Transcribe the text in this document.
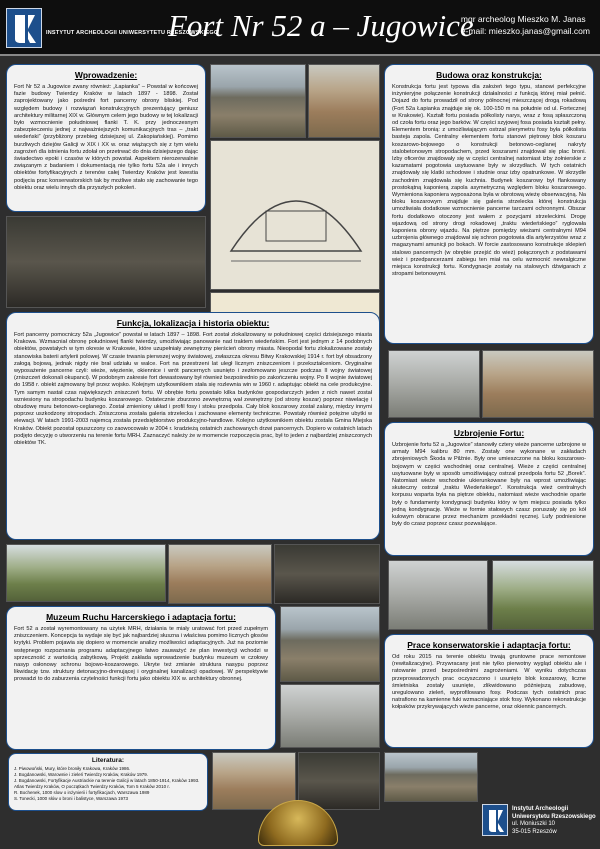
INSTYTUT ARCHEOLOGII UNIWERSYTETU RZESZOWSKIEGO
Fort Nr 52 a – Jugowice
mgr archeolog Mieszko M. Janas
e-mail: mieszko.janas@gmail.com
Wprowadzenie:

Fort Nr 52 a Jugowice zwany również: „Łapianka” – Powstał w końcowej fazie budowy Twierdzy Kraków w latach 1897 - 1898. Został zaprojektowany jako pośredni fort pancerny obrony bliskiej. Pod względem budowy i rozwiązań konstrukcyjnych prezentujący geniusz architektury militarnej XIX w. Głównym celem jego budowy w tej lokalizacji było wzmocnienie południowej flanki T. K. przy jednoczesnym zabezpieczeniu jednej z najważniejszych komunikacyjnych tras – „trakt wiedeński” (przybliżony przebieg dzisiejszej ul. Zakopiańskiej). Pomimo burzliwych dziejów Galicji w XIX i XX w. oraz wiążących się z tym wielu zagrożeń dla istnienia fortu zdołał on przetrwać do dnia dzisiejszego dając świadectwo epoki i czasów w których powstał. Aspektem nierozerwalnie związanym z badaniem i dokumentacją nie tylko fortu 52a ale i innych obiektów fortyfikacyjnych z terenów całej Twierdzy Kraków jest kwestia podjęcia prac konserwatorskich tak by możliwe stało się zachowanie tego obiektu oraz wielu innych dla przyszłych pokoleń.

Funkcja, lokalizacja i historia obiektu:

Fort pancerny pomocniczy 52a „Jugowice” powstał w latach 1897 – 1898. Fort został zlokalizowany w południowej części dzisiejszego miasta Krakowa. Wzmacniał obronę południowej flanki twierdzy, umożliwiając panowanie nad traktem wiedeńskim. Fort jest jednym z 14 podobnych obiektów, powstałych w tym okresie w Krakowie, które uzupełniały zewnętrzny pierścień obrony miasta. Nieopodal fortu zlokalizowane zostały stanowiska baterii artylerii polowej. W czasie trwania pierwszej wojny światowej, zwłaszcza okresu Bitwy Krakowskiej 1914 r. fort był obsadzony załogą bojową, jednak nigdy nie brał udziału w walce. Fort na przestrzeni lat uległ licznym zniszczeniom i przekształceniom. Oryginalne wyposażenie pancerne czyli: wieże, więzienie, okiennice i wrót pancernych usunięto i zezłomowano jeszcze podczas II wojny światowej (zniszczeń dokonali okupanci). W podobnym zakresie fort dewastowany był również bezpośrednio po zakończeniu wojny. Po II wojnie światowej do 1958 r. obiekt zajmowany był przez wojsko. Kolejnym użytkownikiem stała się rozlewnia win w 1960 r. adaptując obiekt na cele produkcyjne. Tym samym nastał czas największych zniszczeń fortu. W obrębie fortu powstało kilka budynków gospodarczych jeden z nich nawet został wzniesiony na stropodachu budynku koszarowego. Ostatecznie zburzono zewnętrzną wał zewnętrzny (od strony koszar) poprzez niwelację i obudowę muru betonowo-ceglanego. Został zmieniony układ i profil fosy i stoku przedpola. Cały blok koszarowy został zalany, między innymi poprzez uszkodzony stropodach. Zniszczona została galeria strzelecka i zachowane elementy techniczne. Powstały również potężne ubytki w elewacji. W latach 1991-2003 najemcą została przedsiębiorstwo produkcyjno-handlowe. Kolejno użytkownikiem obiektu została Gmina Miejska Kraków. Obiekt pozostał opuszczony co zaowocowało w 2004 r. kradzieżą ostatnich zachowanych drzwi pancernych. Dopiero w ostatnich latach podjęto decyzję o utworzeniu na terenie fortu MRH. Zaznaczyć należy że w momencie rozpoczęcia prac, był to jeden z najbardziej zniszczonych obiektów TK.

Muzeum Ruchu Harcerskiego i adaptacja fortu:

Fort 52 a został wyremontowany na użytek MRH, działania te miały uratować fort przed zupełnym zniszczeniem. Koncepcja ta wydaje się być jak najbardziej słuszna i właściwa pomimo licznych głosów krytyki. Problem pojawia się dopiero w momencie analizy możliwości adaptacyjnych. Już na poziomie wstępnego rozpoznania programu adaptacyjnego łatwo zauważyć że plan inwestycji wchodzi w sprzeczność z wartością zabytkową. Projekt zakłada wprowadzenie budynku muzeum w czołowy nasyp osłonowy schronu bojowo-koszarowego. Ukryte też zmianie struktura nasypu poprzez likwidację tzw. struktury detonacyjno-drenującej i oryginalnej kanalizacji opadowej. W perspektywie prowadzi to do zaburzenia czytelności funkcji fortu jako obiektu XIX w. architektury obronnej.

Budowa oraz konstrukcja:

Konstrukcja fortu jest typowa dla założeń tego typu, stanowi perfekcyjne inżynieryjne połączenie konstrukcji działalności z funkcją której miał pełnić. Dojazd do fortu prowadził od strony północnej mieszczącej drogą rokadową (Fort 52a Łapianka znajduje się ok. 100-150 m na południe od ul. Fortecznej w Krakowie). Kształt fortu posiada półkolisty narys, wraz z fosą spłaszczoną od czoła fortu oraz jego barków. W części szyjowej fosa posiada kształt pełny. Elementem bronią: z umożliwiającym ostrzał pierymetru fosy była półkolista basteja zapola. Centralny elementem fortu stanowi piętrowy blok koszaru koszarowo-bojowego o konstrukcji betonowo-ceglanej nakryty stalobetonowym stropodachem, przed koszarami znajdował się plac broni. Izby oficerów znajdowały się w części centralnej natomiast izby żołnierskie z kazamatami pogotowia usytuowane były w skrzydłach. W tych ostatnich znajdowały się klatki schodowe i studnie oraz izby opatrunkowe. W skrzydle zachodnim znajdowała się kuchnia. Budynek koszarowy był flankowany prostokątną kaponierą zapola asymetryczną względem bloku koszarowego. Wymieniona kaponiera wyposażona była w obrotową wieżę obserwacyjną. Na bloku koszarowym znajduje się galeria strzelecka której konstrukcja umożliwiała dodatkowe wzmocnienie pancerne tarczami ochronnymi. Obszar fortu dodatkowo otoczony jest wałem z pozycjami strzeleckimi. Drogę wjazdową od strony drogi rokadowej „traktu wiedeńskiego” ryglowała kaponiera obrony wjazdu. Na piętrze pomiędzy wieżami centralnymi M94 uzbrojenia głównego znajdował się schron pogotowia dla artylerzystów wraz z magazynami amunicji po bokach. W forcie zastosowano konstrukcje sklepień stalowo pancernych (w obrębie przejść do wież) połączonych z podstawami wież i przedpancerzami zabiegu ten miał na celu wzmocnić newralgiczne miejsca konstrukcji fortu. Kondygnacje zostały na stalowych dźwigarach z stropami betonowymi.

Uzbrojenie Fortu:

Uzbrojenie fortu 52 a „Jugowice” stanowiły cztery wieże pancerne uzbrojone w armaty M94 kalibru 80 mm. Zostały one wykonane w zakładach zbrojeniowych Škoda w Pilźnie. Były one umieszczone na bloku koszarowo-bojowym w części wschodniej oraz centralnej. Wieże z części centralnej usytuowane były w sposób umożliwiający ostrzał przedpola fortu 52 „Borek”. Natomiast wieże wschodnie ukierunkowane były na wprost umożliwiając skuteczny ostrzał „traktu Wiedeńskiego”. Konstrukcja wież centralnych korpusu wsparta była na piętrze obiektu, natomiast wieże wschodnie oparte były o fundamenty kondygnacji budynku który w tym miejscu posiada tylko jedną kondygnację. Wieże w formie stałowych czasz poruszały się po kół kulowym obracane przez mechanizm przekładni ręcznej. Lufy podniesione były do czasz poprzez czasz pozwalające.

Prace konserwatorskie i adaptacja fortu:

Od roku 2015 na terenie obiektu trwają gruntowne prace remontowe (rewitalizacyjne). Przywracany jest nie tylko pierwotny wygląd obiektu ale i ratowanie przed bezpośrednimi zagrożeniami. W wyniku dotychczas przeprowadzonych prac oczyszczono i usunięto blok koszarowy, liczne śmietniska zostały usunięte, zlikwidowano późniejszą zabudowę, uregulowano zieleń, wyprofilowano fosy. Podczas tych ostatnich prac natrafiono na kamienne fuki wzmacniające stok fosy. Wykonano rekonstrukcje kołpaków przykrywających wieże pancerne, oraz okiennic pancernych.

Literatura:
J. Piwowoński, Mury, które broniły Krakowa, Kraków 1986.
J. Bogdanowski, Warownie i zieleń Twierdzy Kraków, Kraków 1979.
J. Bogdanowski, Fortyfikacje Austriackie na terenie Galicji w latach 1850-1914, Kraków 1993.
Atlas Twierdzy Kraków, O początkach Twierdzy Kraków, Tom 5 Kraków 2010 r.
R. Bochenek, 1000 slow o inżynierii i fortyfikacjach, Warszawa 1989
S. Tonecki, 1000 słów o broni i balistyce, Warszawa 1973
Instytut Archeologii
Uniwersytetu Rzeszowskiego
ul. Moniuszki 10
35-015 Rzeszów
